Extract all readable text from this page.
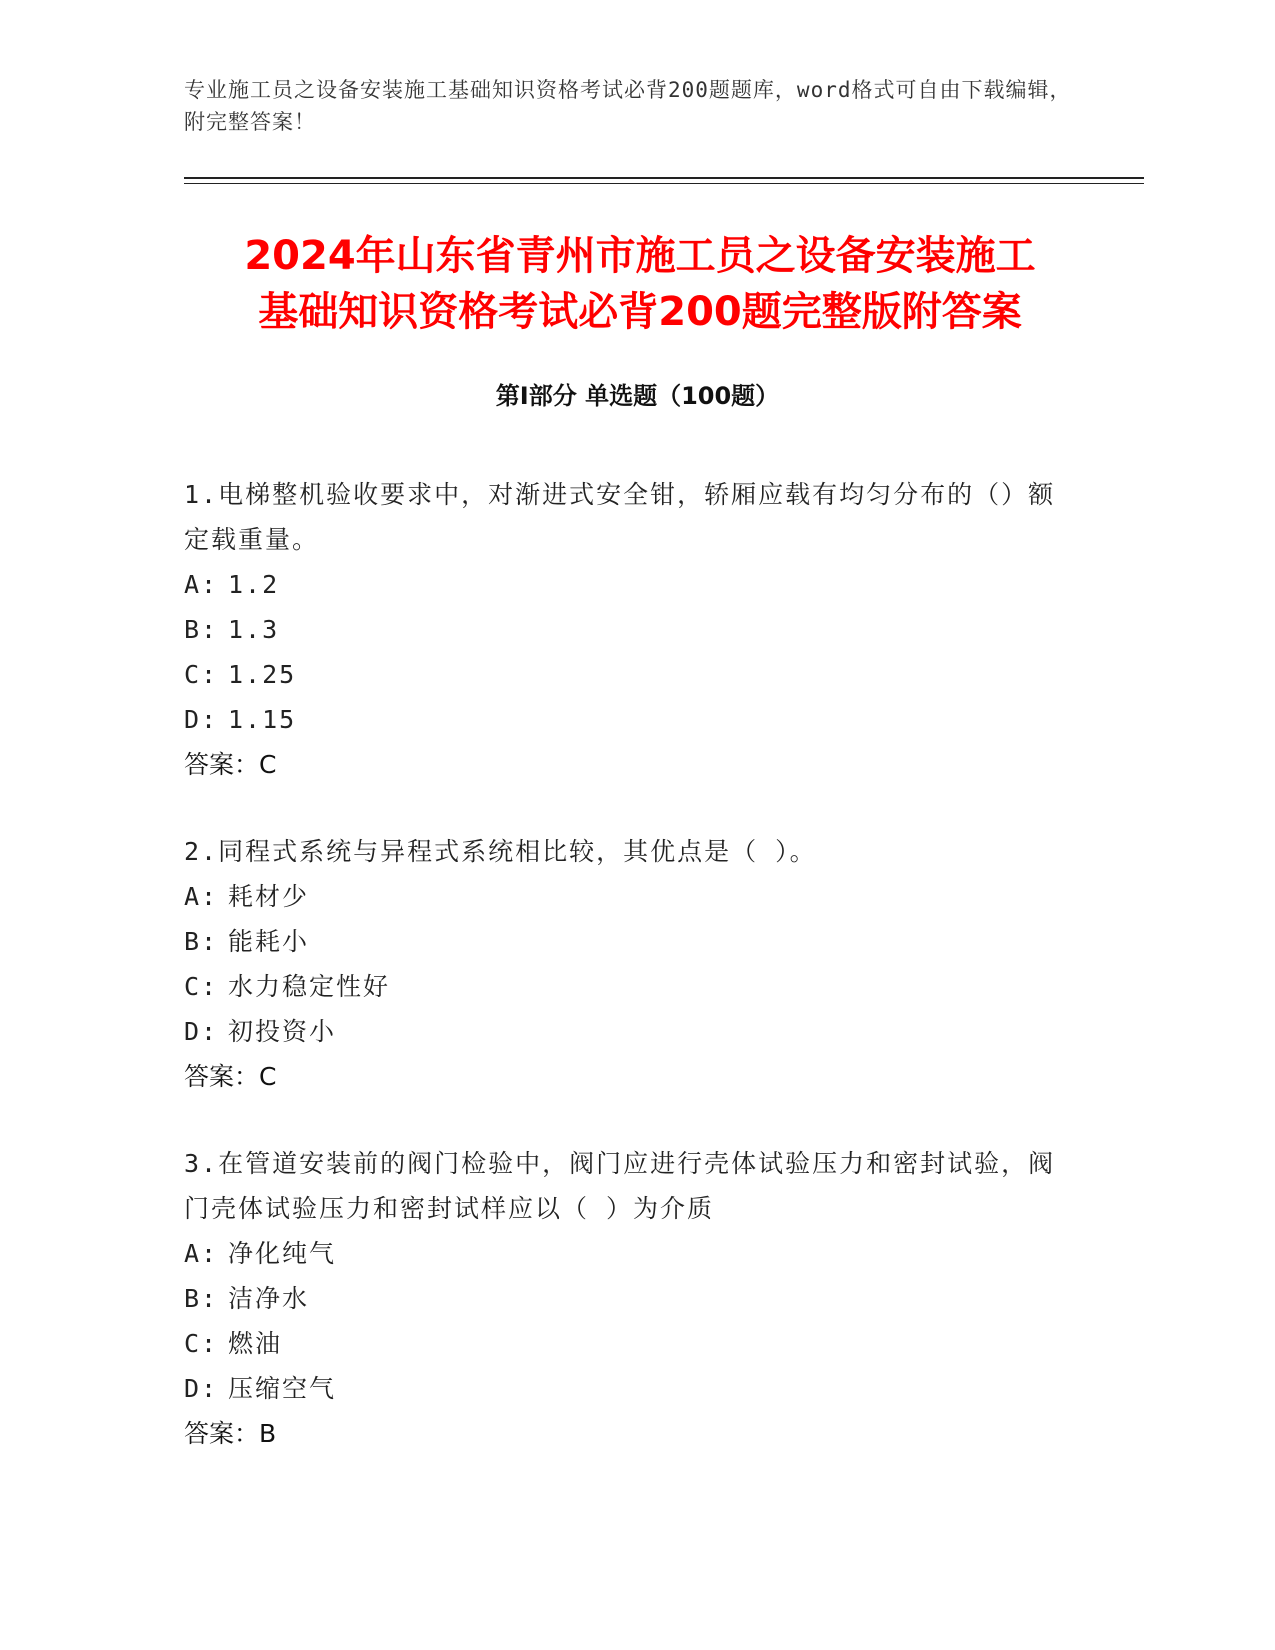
专业施工员之设备安装施工基础知识资格考试必背200题题库，word格式可自由下载编辑，附完整答案！
2024年山东省青州市施工员之设备安装施工
基础知识资格考试必背200题完整版附答案
第Ⅰ部分 单选题（100题）
1.电梯整机验收要求中，对渐进式安全钳，轿厢应载有均匀分布的（）额定载重量。
A: 1.2
B: 1.3
C: 1.25
D: 1.15
答案：C
2.同程式系统与异程式系统相比较，其优点是（ ）。
A: 耗材少
B: 能耗小
C: 水力稳定性好
D: 初投资小
答案：C
3.在管道安装前的阀门检验中，阀门应进行壳体试验压力和密封试验，阀门壳体试验压力和密封试样应以（ ）为介质
A: 净化纯气
B: 洁净水
C: 燃油
D: 压缩空气
答案：B
